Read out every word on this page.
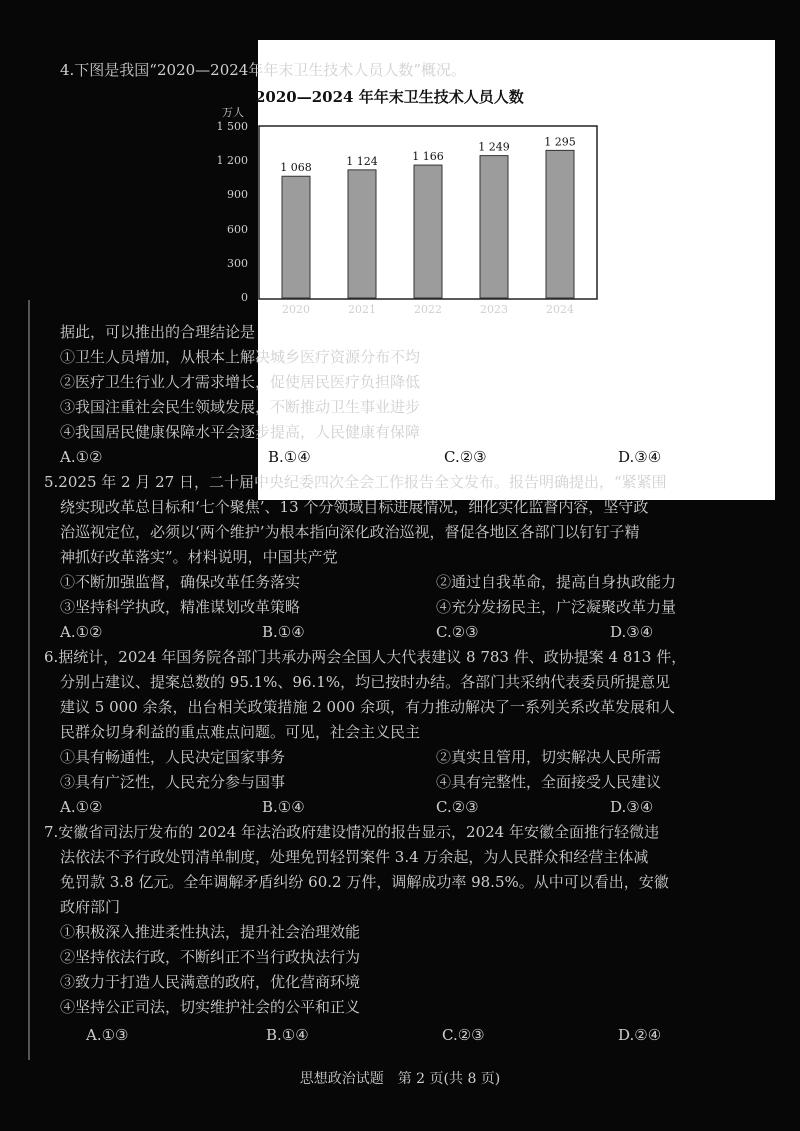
4.下图是我国“2020—2024年年末卫生技术人员人数”概况。
2020—2024 年年末卫生技术人员人数
1 068	1 124	1 166
1 249	1 295
万人
0
300
600
900
1 200
1 500
据此，可以推出的合理结论是
①卫生人员增加，从根本上解决城乡医疗资源分布不均
②医疗卫生行业人才需求增长，促使居民医疗负担降低
③我国注重社会民生领域发展，不断推动卫生事业进步
④我国居民健康保障水平会逐步提高，人民健康有保障
A.①②	B.①④	C.②③	D.③④
5.2025 年 2 月 27 日，二十届中央纪委四次全会工作报告全文发布。报告明确提出，“紧紧围
绕实现改革总目标和‘七个聚焦’、13 个分领域目标进展情况，细化实化监督内容，坚守政
治巡视定位，必须以‘两个维护’为根本指向深化政治巡视，督促各地区各部门以钉钉子精
神抓好改革落实”。材料说明，中国共产党
①不断加强监督，确保改革任务落实	②通过自我革命，提高自身执政能力
③坚持科学执政，精准谋划改革策略	④充分发扬民主，广泛凝聚改革力量
A.①②	B.①④	C.②③	D.③④
6.据统计，2024 年国务院各部门共承办两会全国人大代表建议 8 783 件、政协提案 4 813 件，
分别占建议、提案总数的 95.1%、96.1%，均已按时办结。各部门共采纳代表委员所提意见
建议 5 000 余条，出台相关政策措施 2 000 余项，有力推动解决了一系列关系改革发展和人
民群众切身利益的重点难点问题。可见，社会主义民主
①具有畅通性，人民决定国家事务	②真实且管用，切实解决人民所需
③具有广泛性，人民充分参与国事	④具有完整性，全面接受人民建议
A.①②	B.①④	C.②③	D.③④
7.安徽省司法厅发布的 2024 年法治政府建设情况的报告显示，2024 年安徽全面推行轻微违
法依法不予行政处罚清单制度，处理免罚轻罚案件 3.4 万余起，为人民群众和经营主体减
免罚款 3.8 亿元。全年调解矛盾纠纷 60.2 万件，调解成功率 98.5%。从中可以看出，安徽
政府部门
①积极深入推进柔性执法，提升社会治理效能
②坚持依法行政，不断纠正不当行政执法行为
③致力于打造人民满意的政府，优化营商环境
④坚持公正司法，切实维护社会的公平和正义
A.①③	B.①④	C.②③	D.②④
思想政治试题　第 2 页(共 8 页)
2020	2021	2022	2023	2024
